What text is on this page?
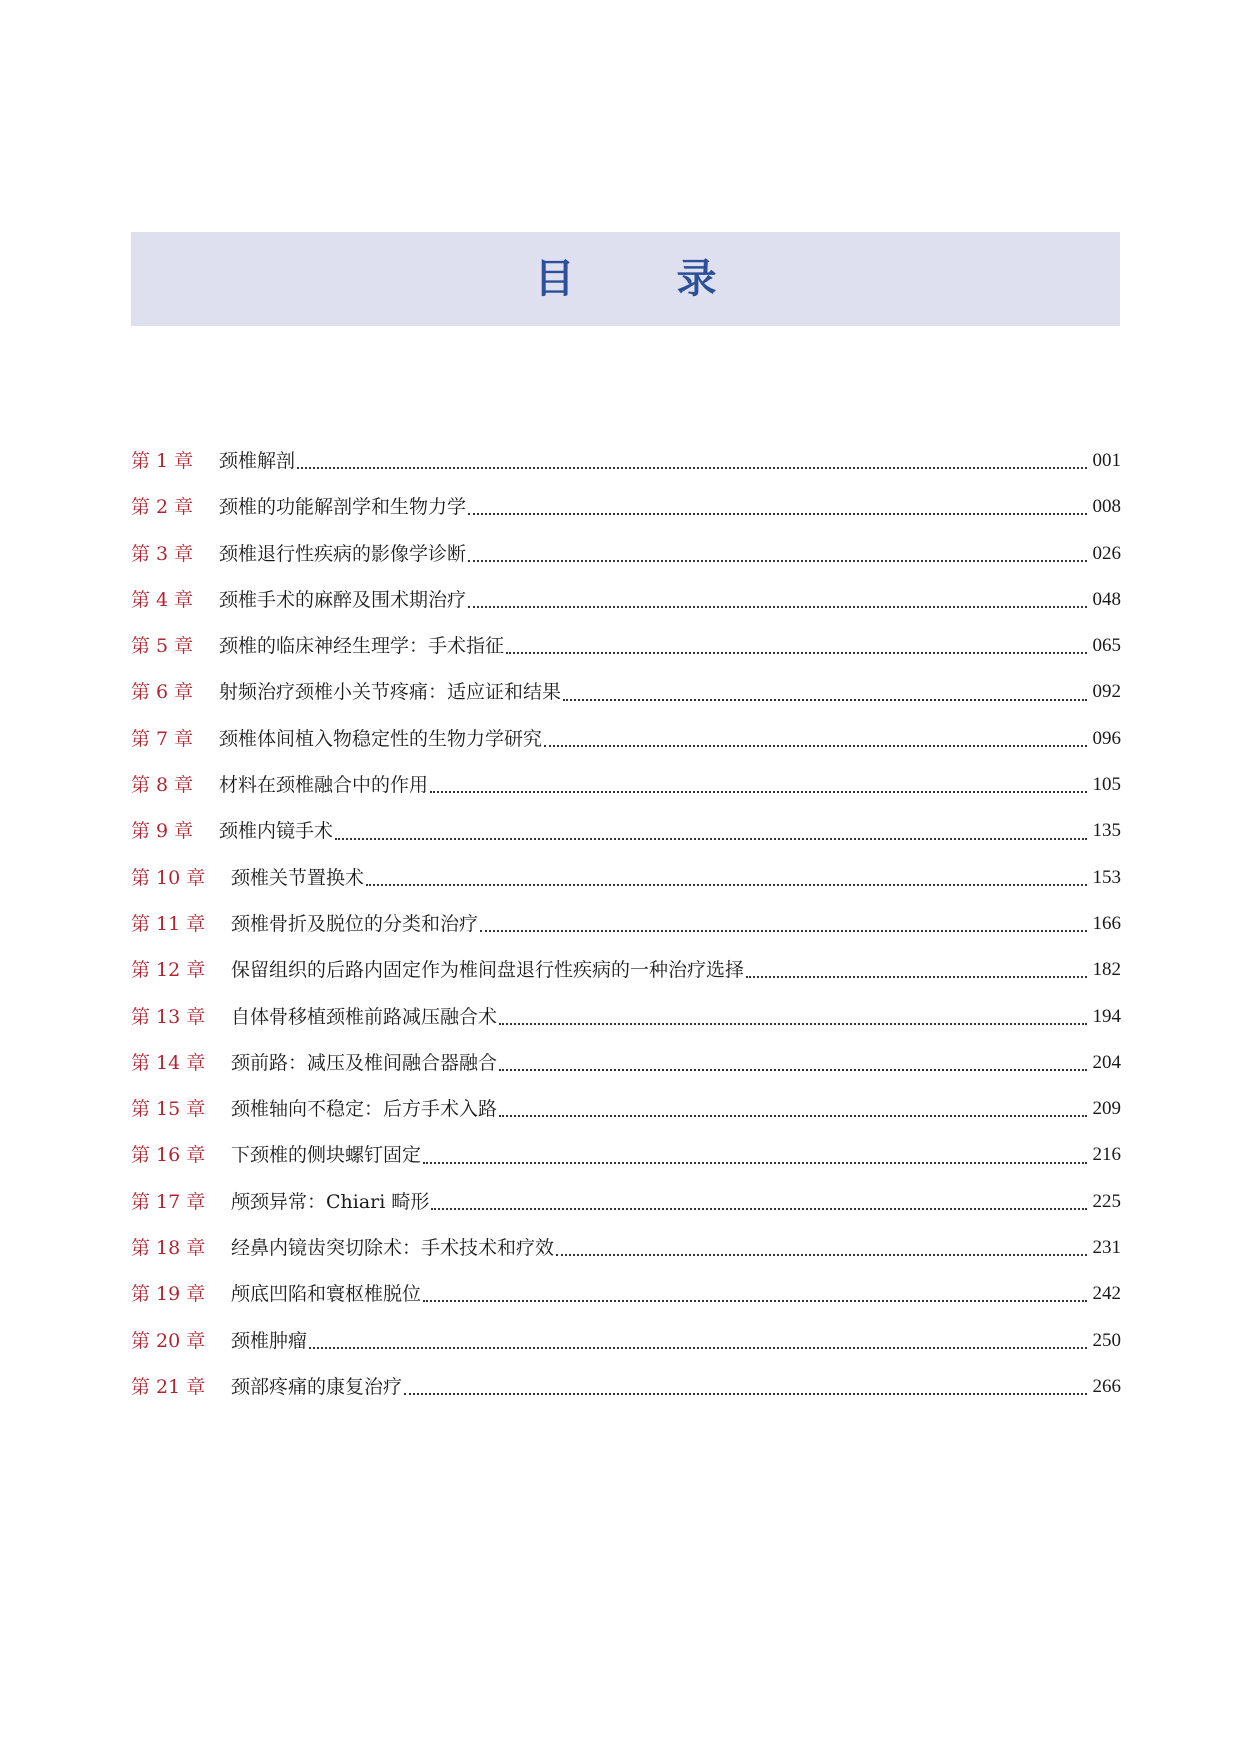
目 录
第 1 章 颈椎解剖	001
第 2 章 颈椎的功能解剖学和生物力学	008
第 3 章 颈椎退行性疾病的影像学诊断	026
第 4 章 颈椎手术的麻醉及围术期治疗	048
第 5 章 颈椎的临床神经生理学：手术指征	065
第 6 章 射频治疗颈椎小关节疼痛：适应证和结果	092
第 7 章 颈椎体间植入物稳定性的生物力学研究	096
第 8 章 材料在颈椎融合中的作用	105
第 9 章 颈椎内镜手术	135
第 10 章 颈椎关节置换术	153
第 11 章 颈椎骨折及脱位的分类和治疗	166
第 12 章 保留组织的后路内固定作为椎间盘退行性疾病的一种治疗选择	182
第 13 章 自体骨移植颈椎前路减压融合术	194
第 14 章 颈前路：减压及椎间融合器融合	204
第 15 章 颈椎轴向不稳定：后方手术入路	209
第 16 章 下颈椎的侧块螺钉固定	216
第 17 章 颅颈异常：Chiari 畸形	225
第 18 章 经鼻内镜齿突切除术：手术技术和疗效	231
第 19 章 颅底凹陷和寰枢椎脱位	242
第 20 章 颈椎肿瘤	250
第 21 章 颈部疼痛的康复治疗	266
